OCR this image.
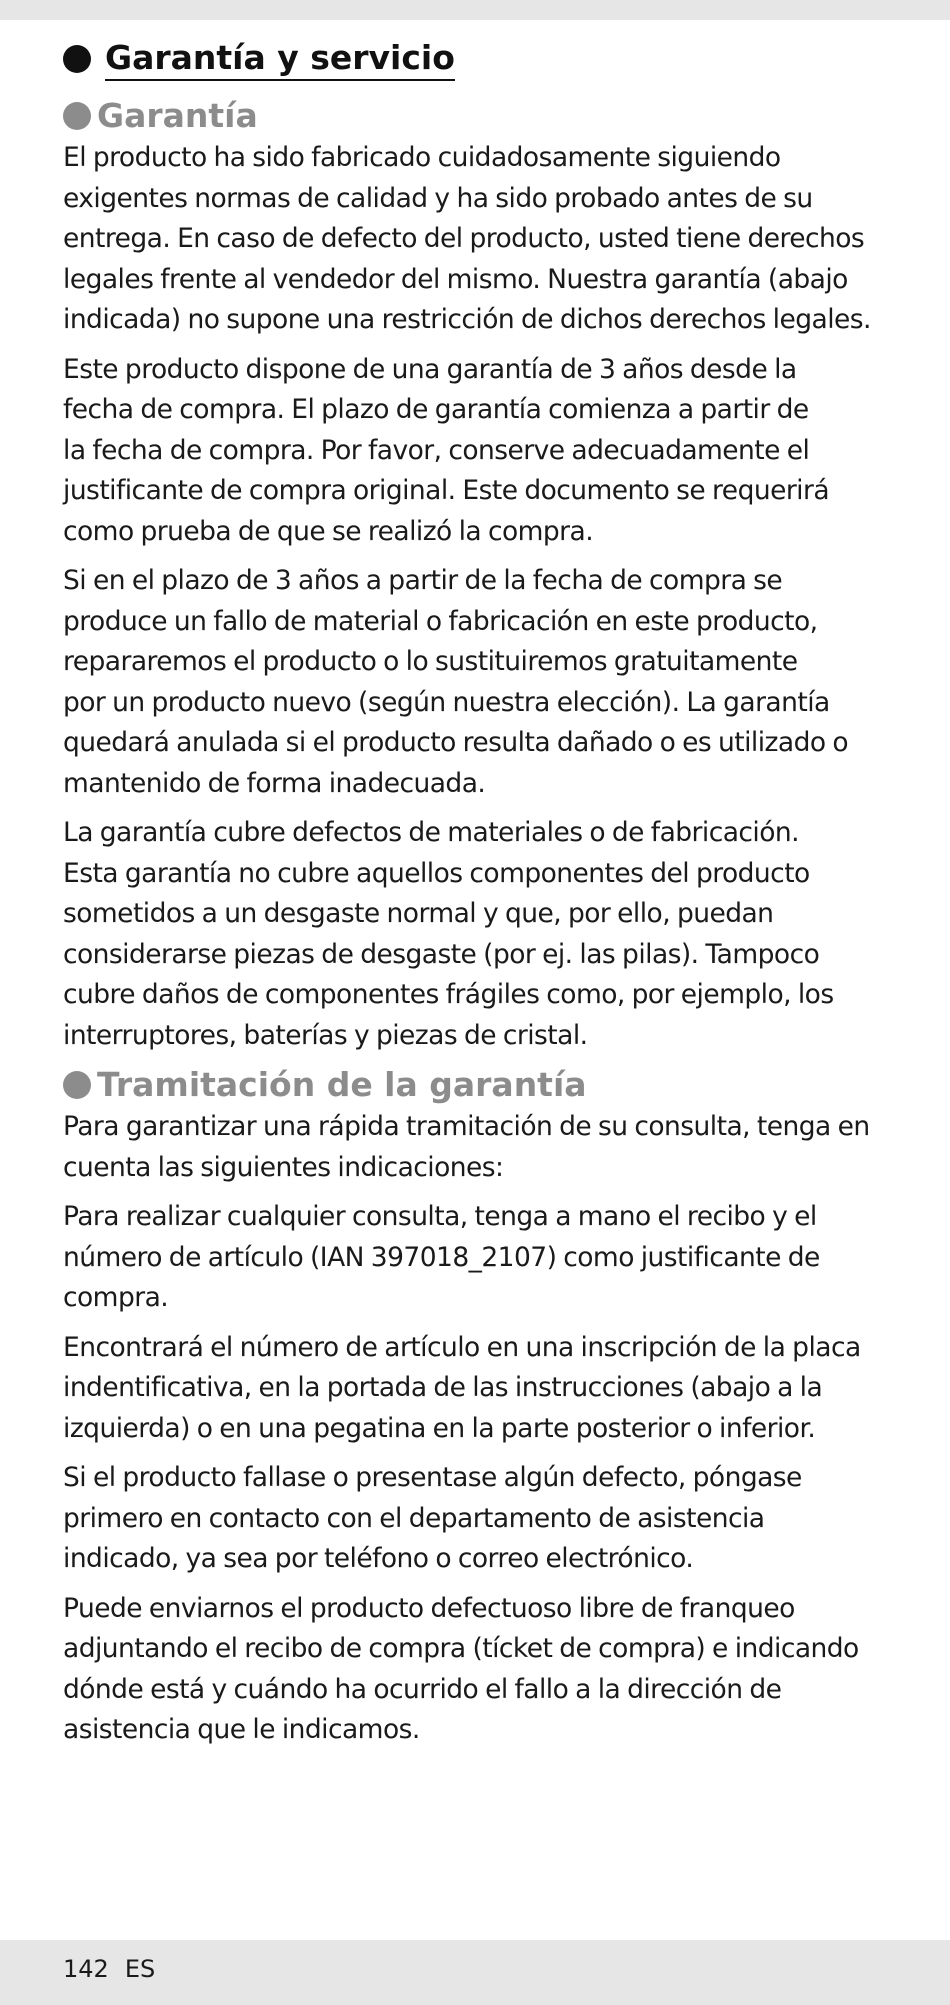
Garantía y servicio
Garantía

El producto ha sido fabricado cuidadosamente siguiendo
exigentes normas de calidad y ha sido probado antes de su
entrega. En caso de defecto del producto, usted tiene derechos
legales frente al vendedor del mismo. Nuestra garantía (abajo
indicada) no supone una restricción de dichos derechos legales.

Este producto dispone de una garantía de 3 años desde la
fecha de compra. El plazo de garantía comienza a partir de
la fecha de compra. Por favor, conserve adecuadamente el
justificante de compra original. Este documento se requerirá
como prueba de que se realizó la compra.

Si en el plazo de 3 años a partir de la fecha de compra se
produce un fallo de material o fabricación en este producto,
repararemos el producto o lo sustituiremos gratuitamente
por un producto nuevo (según nuestra elección). La garantía
quedará anulada si el producto resulta dañado o es utilizado o
mantenido de forma inadecuada.

La garantía cubre defectos de materiales o de fabricación.
Esta garantía no cubre aquellos componentes del producto
sometidos a un desgaste normal y que, por ello, puedan
considerarse piezas de desgaste (por ej. las pilas). Tampoco
cubre daños de componentes frágiles como, por ejemplo, los
interruptores, baterías y piezas de cristal.

Tramitación de la garantía

Para garantizar una rápida tramitación de su consulta, tenga en
cuenta las siguientes indicaciones:

Para realizar cualquier consulta, tenga a mano el recibo y el
número de artículo (IAN 397018_2107) como justificante de
compra.

Encontrará el número de artículo en una inscripción de la placa
indentificativa, en la portada de las instrucciones (abajo a la
izquierda) o en una pegatina en la parte posterior o inferior.

Si el producto fallase o presentase algún defecto, póngase
primero en contacto con el departamento de asistencia
indicado, ya sea por teléfono o correo electrónico.

Puede enviarnos el producto defectuoso libre de franqueo
adjuntando el recibo de compra (tícket de compra) e indicando
dónde está y cuándo ha ocurrido el fallo a la dirección de
asistencia que le indicamos.

142 ES
